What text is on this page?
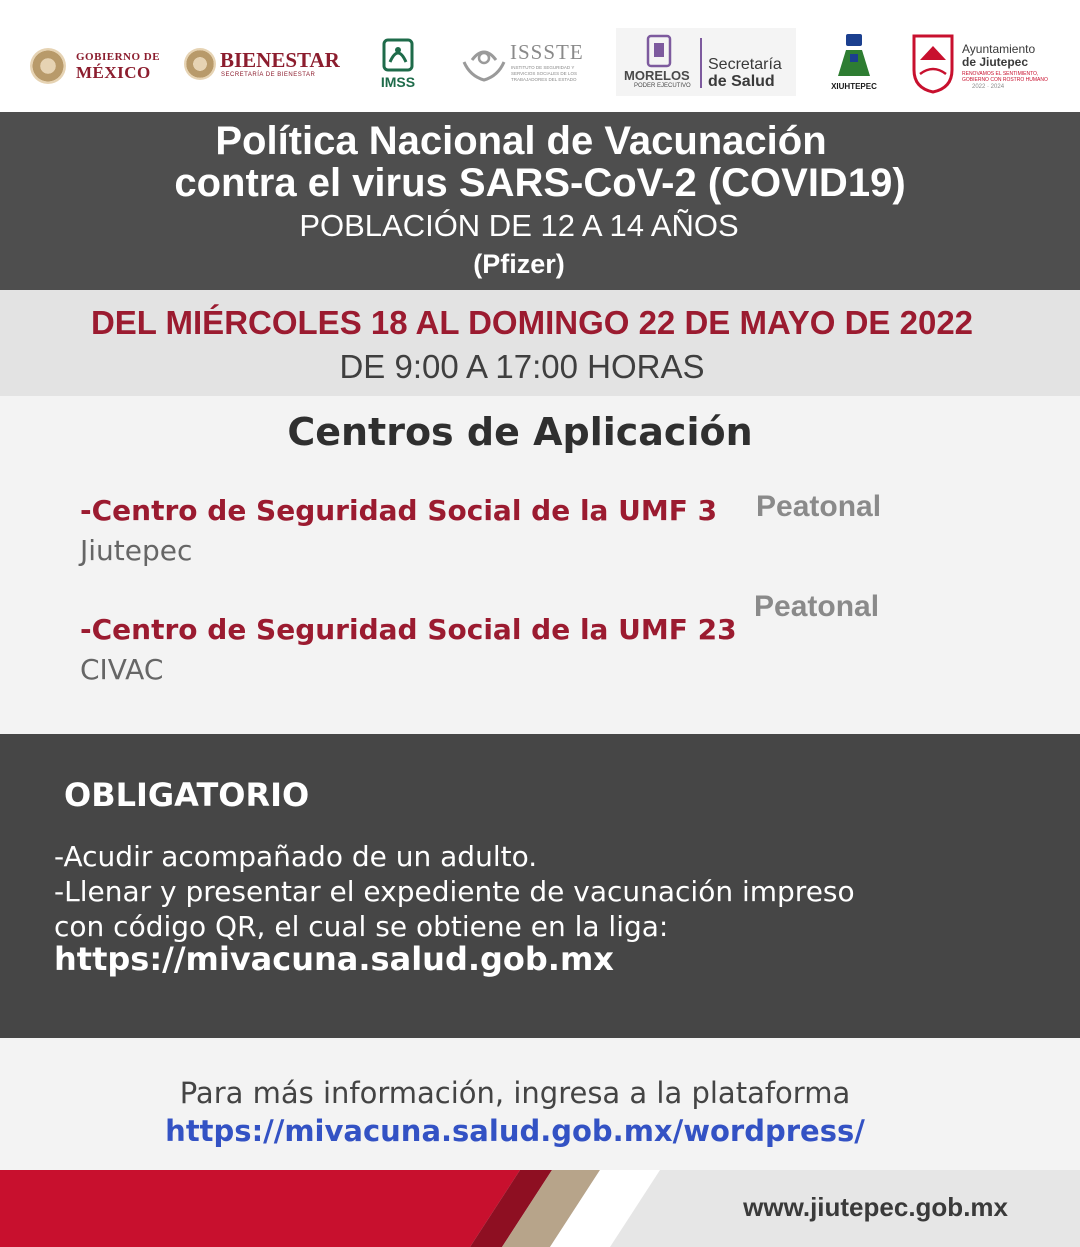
GOBIERNO DE
MÉXICO
BIENESTAR
SECRETARÍA DE BIENESTAR	IMSS
ISSSTE
INSTITUTO DE SEGURIDAD Y SERVICIOS SOCIALES DE LOS TRABAJADORES DEL ESTADO	MORELOS
PODER EJECUTIVO
Secretaría
de Salud	XIUHTEPEC
Ayuntamiento
de Jiutepec
RENOVAMOS EL SENTIMIENTO,
GOBIERNO CON ROSTRO HUMANO
2022 · 2024
Política Nacional de Vacunación
contra el virus SARS-CoV-2 (COVID19)
POBLACIÓN DE 12 A 14 AÑOS
(Pfizer)
DEL MIÉRCOLES 18 AL DOMINGO 22 DE MAYO DE 2022
DE 9:00 A 17:00 HORAS
Centros de Aplicación
-Centro de Seguridad Social de la UMF 3
Jiutepec
Peatonal
-Centro de Seguridad Social de la UMF 23
CIVAC
Peatonal
OBLIGATORIO
-Acudir acompañado de un adulto.
-Llenar y presentar el expediente de vacunación impreso
con código QR, el cual se obtiene en la liga:
https://mivacuna.salud.gob.mx
Para más información, ingresa a la plataforma
https://mivacuna.salud.gob.mx/wordpress/
www.jiutepec.gob.mx
